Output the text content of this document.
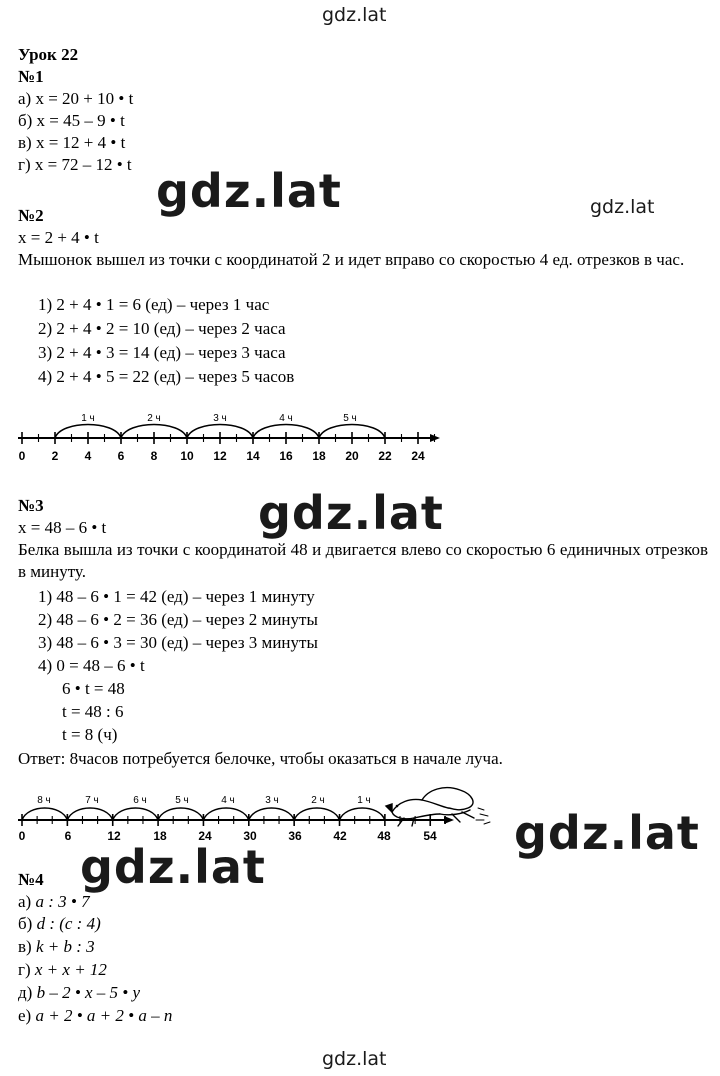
gdz.lat
gdz.lat	gdz.lat
gdz.lat
gdz.lat
gdz.lat
gdz.lat
Урок 22
№1
а) x = 20 + 10 • t
б) x = 45 – 9 • t
в) x = 12 + 4 • t
г) x = 72 – 12 • t
№2
x = 2 + 4 • t
Мышонок вышел из точки с координатой 2 и идет вправо со скоростью 4 ед. отрезков в час.
1) 2 + 4 • 1 = 6 (ед) – через 1 час
2) 2 + 4 • 2 = 10 (ед) – через 2 часа
3) 2 + 4 • 3 = 14 (ед) – через 3 часа
4) 2 + 4 • 5 = 22 (ед) – через 5 часов
1 ч	2 ч	3 ч	4 ч	5 ч
0 2 4 6 8 10 12 14 16 18 20 22 24
№3
x = 48 – 6 • t
Белка вышла из точки с координатой 48 и двигается влево со скоростью 6 единичных отрезков в минуту.
1) 48 – 6 • 1 = 42 (ед) – через 1 минуту
2) 48 – 6 • 2 = 36 (ед) – через 2 минуты
3) 48 – 6 • 3 = 30 (ед) – через 3 минуты
4) 0 = 48 – 6 • t
6 • t = 48
t = 48 : 6
t = 8 (ч)
Ответ: 8часов потребуется белочке, чтобы оказаться в начале луча.
8 ч	7 ч	6 ч	5 ч	4 ч	3 ч	2 ч	1 ч
0	6	12	18	24	30	36	42	48	54
№4
а) a : 3 • 7
б) d : (c : 4)
в) k + b : 3
г) x + x + 12
д) b – 2 • x – 5 • y
е) a + 2 • a + 2 • a – n
